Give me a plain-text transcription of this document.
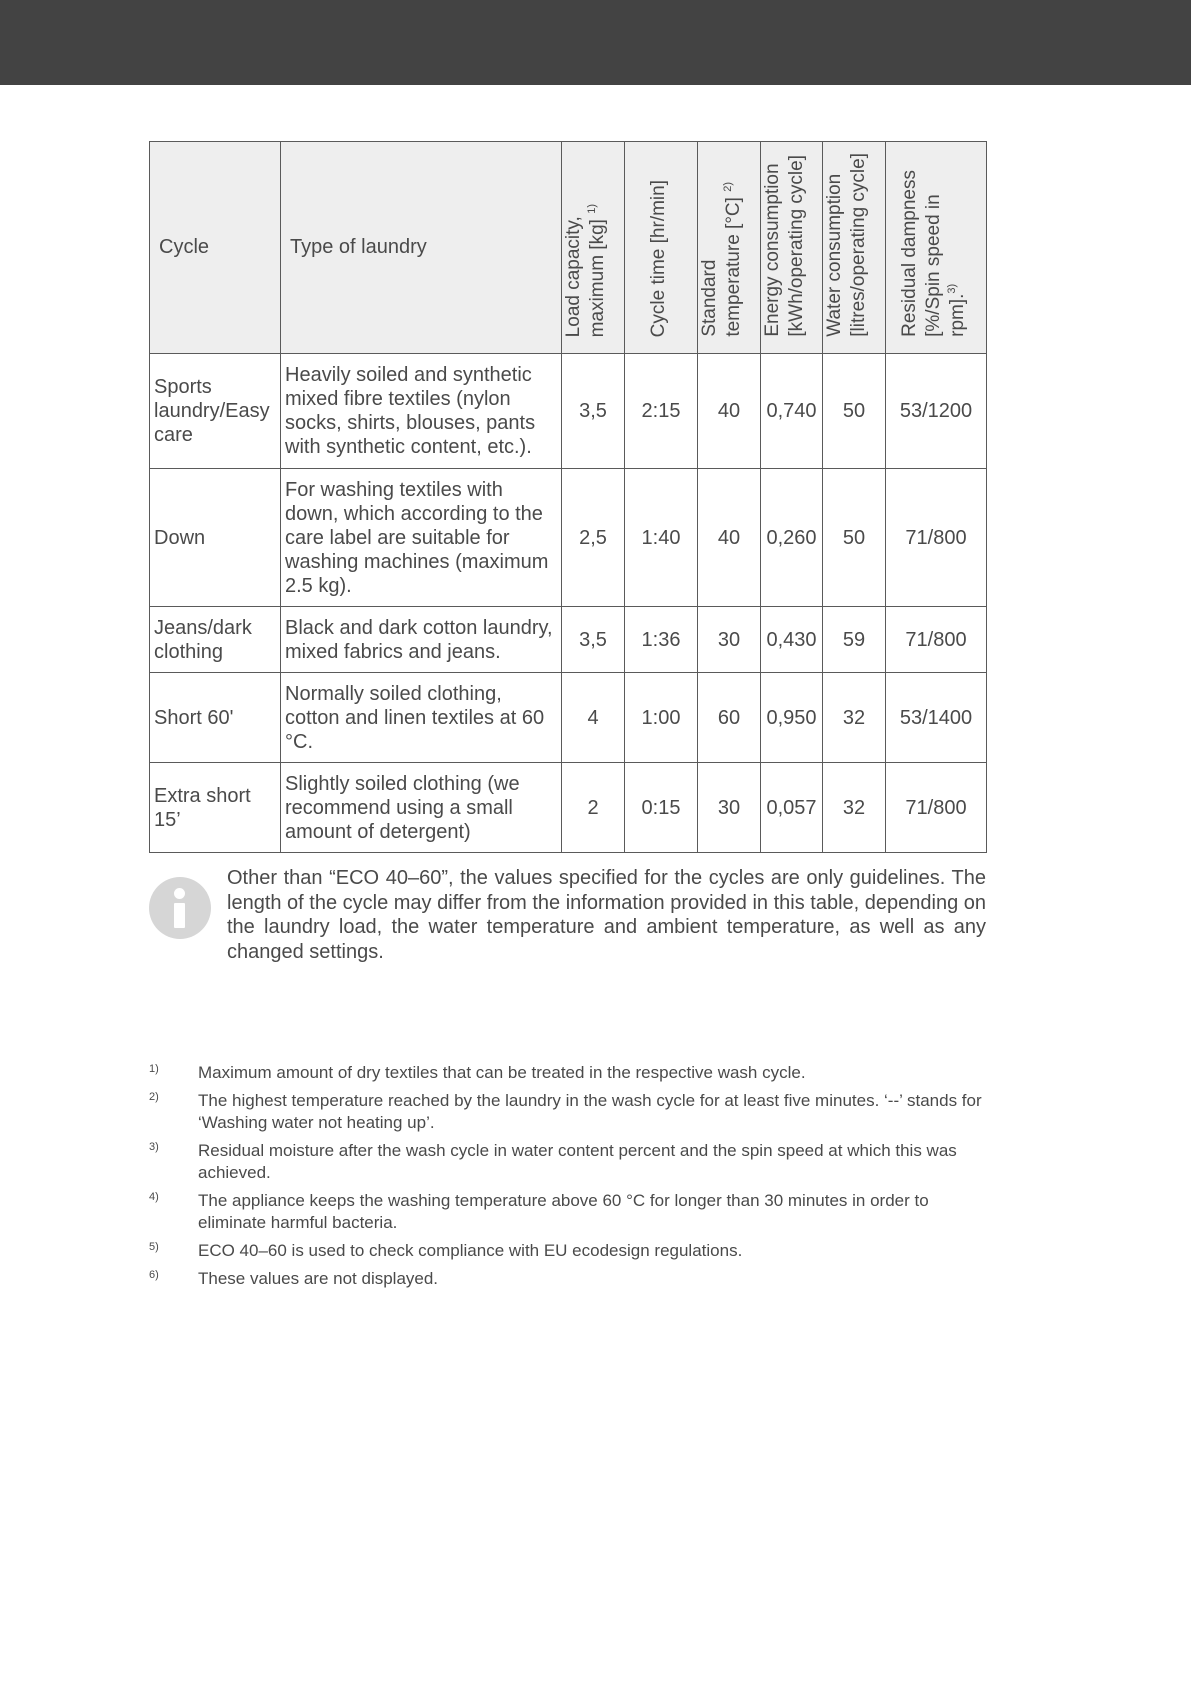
Cycle	Type of laundry	Load capacity, maximum [kg] $^{1)}$	Cycle time [hr/min]	Standard temperature [°C] $^{2)}$	Energy consumption [kWh/operating cycle]	Water consumption [litres/operating cycle]	Residual dampness [%/Spin speed in rpm].$^{3)}$
Sports laundry/Easy care	Heavily soiled and synthetic mixed fibre textiles (nylon socks, shirts, blouses, pants with synthetic content, etc.).	3,5	2:15	40	0,740	50	53/1200
Down	For washing textiles with down, which according to the care label are suitable for washing machines (maximum 2.5 kg).	2,5	1:40	40	0,260	50	71/800
Jeans/dark clothing	Black and dark cotton laundry, mixed fabrics and jeans.	3,5	1:36	30	0,430	59	71/800
Short 60'	Normally soiled clothing, cotton and linen textiles at 60 °C.	4	1:00	60	0,950	32	53/1400
Extra short 15’	Slightly soiled clothing (we recommend using a small amount of detergent)	2	0:15	30	0,057	32	71/800
Other than “ECO 40–60”, the values specified for the cycles are only guidelines. The length of the cycle may differ from the information provided in this table, depending on the laundry load, the water temperature and ambient temperature, as well as any changed settings.
1) Maximum amount of dry textiles that can be treated in the respective wash cycle.
2) The highest temperature reached by the laundry in the wash cycle for at least five minutes. ‘--’ stands for ‘Washing water not heating up’.
3) Residual moisture after the wash cycle in water content percent and the spin speed at which this was achieved.
4) The appliance keeps the washing temperature above 60 °C for longer than 30 minutes in order to eliminate harmful bacteria.
5) ECO 40–60 is used to check compliance with EU ecodesign regulations.
6) These values are not displayed.
